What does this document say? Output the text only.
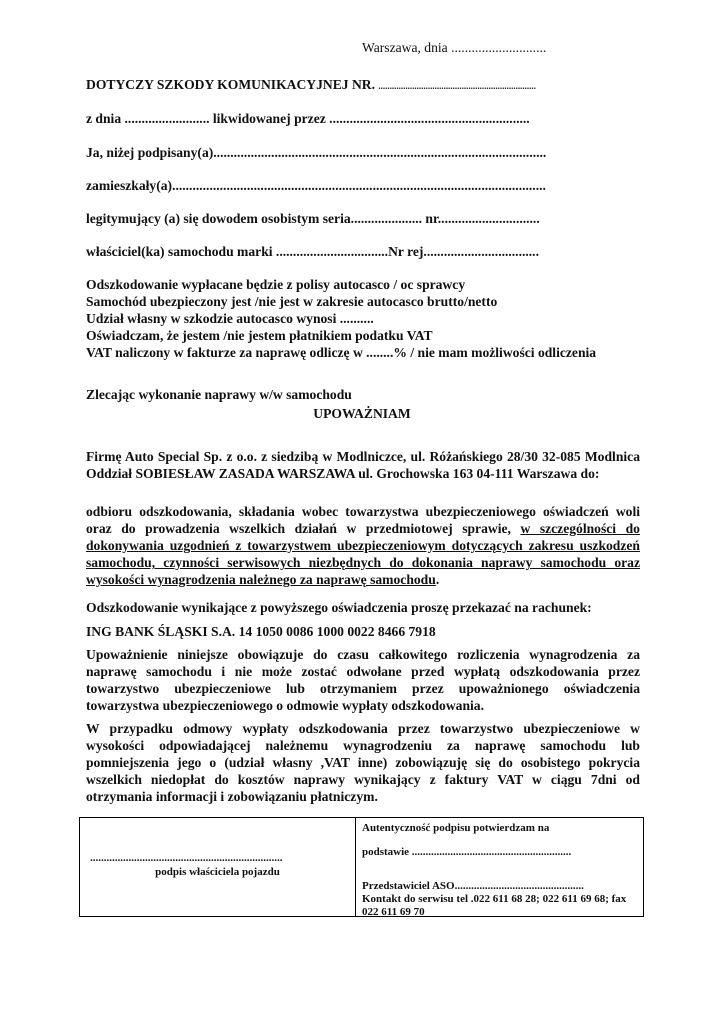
Warszawa, dnia ............................
DOTYCZY SZKODY KOMUNIKACYJNEJ NR. ......................................................................
z dnia ......................... likwidowanej przez ...........................................................
Ja, niżej podpisany(a)..................................................................................................
zamieszkały(a)..............................................................................................................
legitymujący (a) się dowodem osobistym seria..................... nr..............................
właściciel(ka) samochodu marki .................................Nr rej..................................
Odszkodowanie wypłacane będzie z polisy autocasco / oc sprawcy
Samochód ubezpieczony jest /nie jest w zakresie autocasco brutto/netto
Udział własny w szkodzie autocasco wynosi ..........
Oświadczam, że jestem /nie jestem płatnikiem podatku VAT
VAT naliczony w fakturze za naprawę odliczę w ........% / nie mam możliwości odliczenia
Zlecając wykonanie naprawy w/w samochodu
UPOWAŻNIAM
Firmę Auto Special Sp. z o.o. z siedzibą w Modlniczce, ul. Różańskiego 28/30 32-085 Modlnica Oddział SOBIESŁAW ZASADA WARSZAWA ul. Grochowska 163 04-111 Warszawa do:
odbioru odszkodowania, składania wobec towarzystwa ubezpieczeniowego oświadczeń woli oraz do prowadzenia wszelkich działań w przedmiotowej sprawie, w szczególności do dokonywania uzgodnień z towarzystwem ubezpieczeniowym dotyczących zakresu uszkodzeń samochodu, czynności serwisowych niezbędnych do dokonania naprawy samochodu oraz wysokości wynagrodzenia należnego za naprawę samochodu.
Odszkodowanie wynikające z powyższego oświadczenia proszę przekazać na rachunek:
ING BANK ŚLĄSKI S.A. 14 1050 0086 1000 0022 8466 7918
Upoważnienie niniejsze obowiązuje do czasu całkowitego rozliczenia wynagrodzenia za naprawę samochodu i nie może zostać odwołane przed wypłatą odszkodowania przez towarzystwo ubezpieczeniowe lub otrzymaniem przez upoważnionego oświadczenia towarzystwa ubezpieczeniowego o odmowie wypłaty odszkodowania.
W przypadku odmowy wypłaty odszkodowania przez towarzystwo ubezpieczeniowe w wysokości odpowiadającej należnemu wynagrodzeniu za naprawę samochodu lub pomniejszenia jego o (udział własny ,VAT inne) zobowiązuję się do osobistego pokrycia wszelkich niedopłat do kosztów naprawy wynikający z faktury VAT w ciągu 7dni od otrzymania informacji i zobowiązaniu płatniczym.
......................................................................
podpis właściciela pojazdu
Autentyczność podpisu potwierdzam na
podstawie ..........................................................
Przedstawiciel ASO...............................................
Kontakt do serwisu tel .022 611 68 28; 022 611 69 68; fax 022 611 69 70
